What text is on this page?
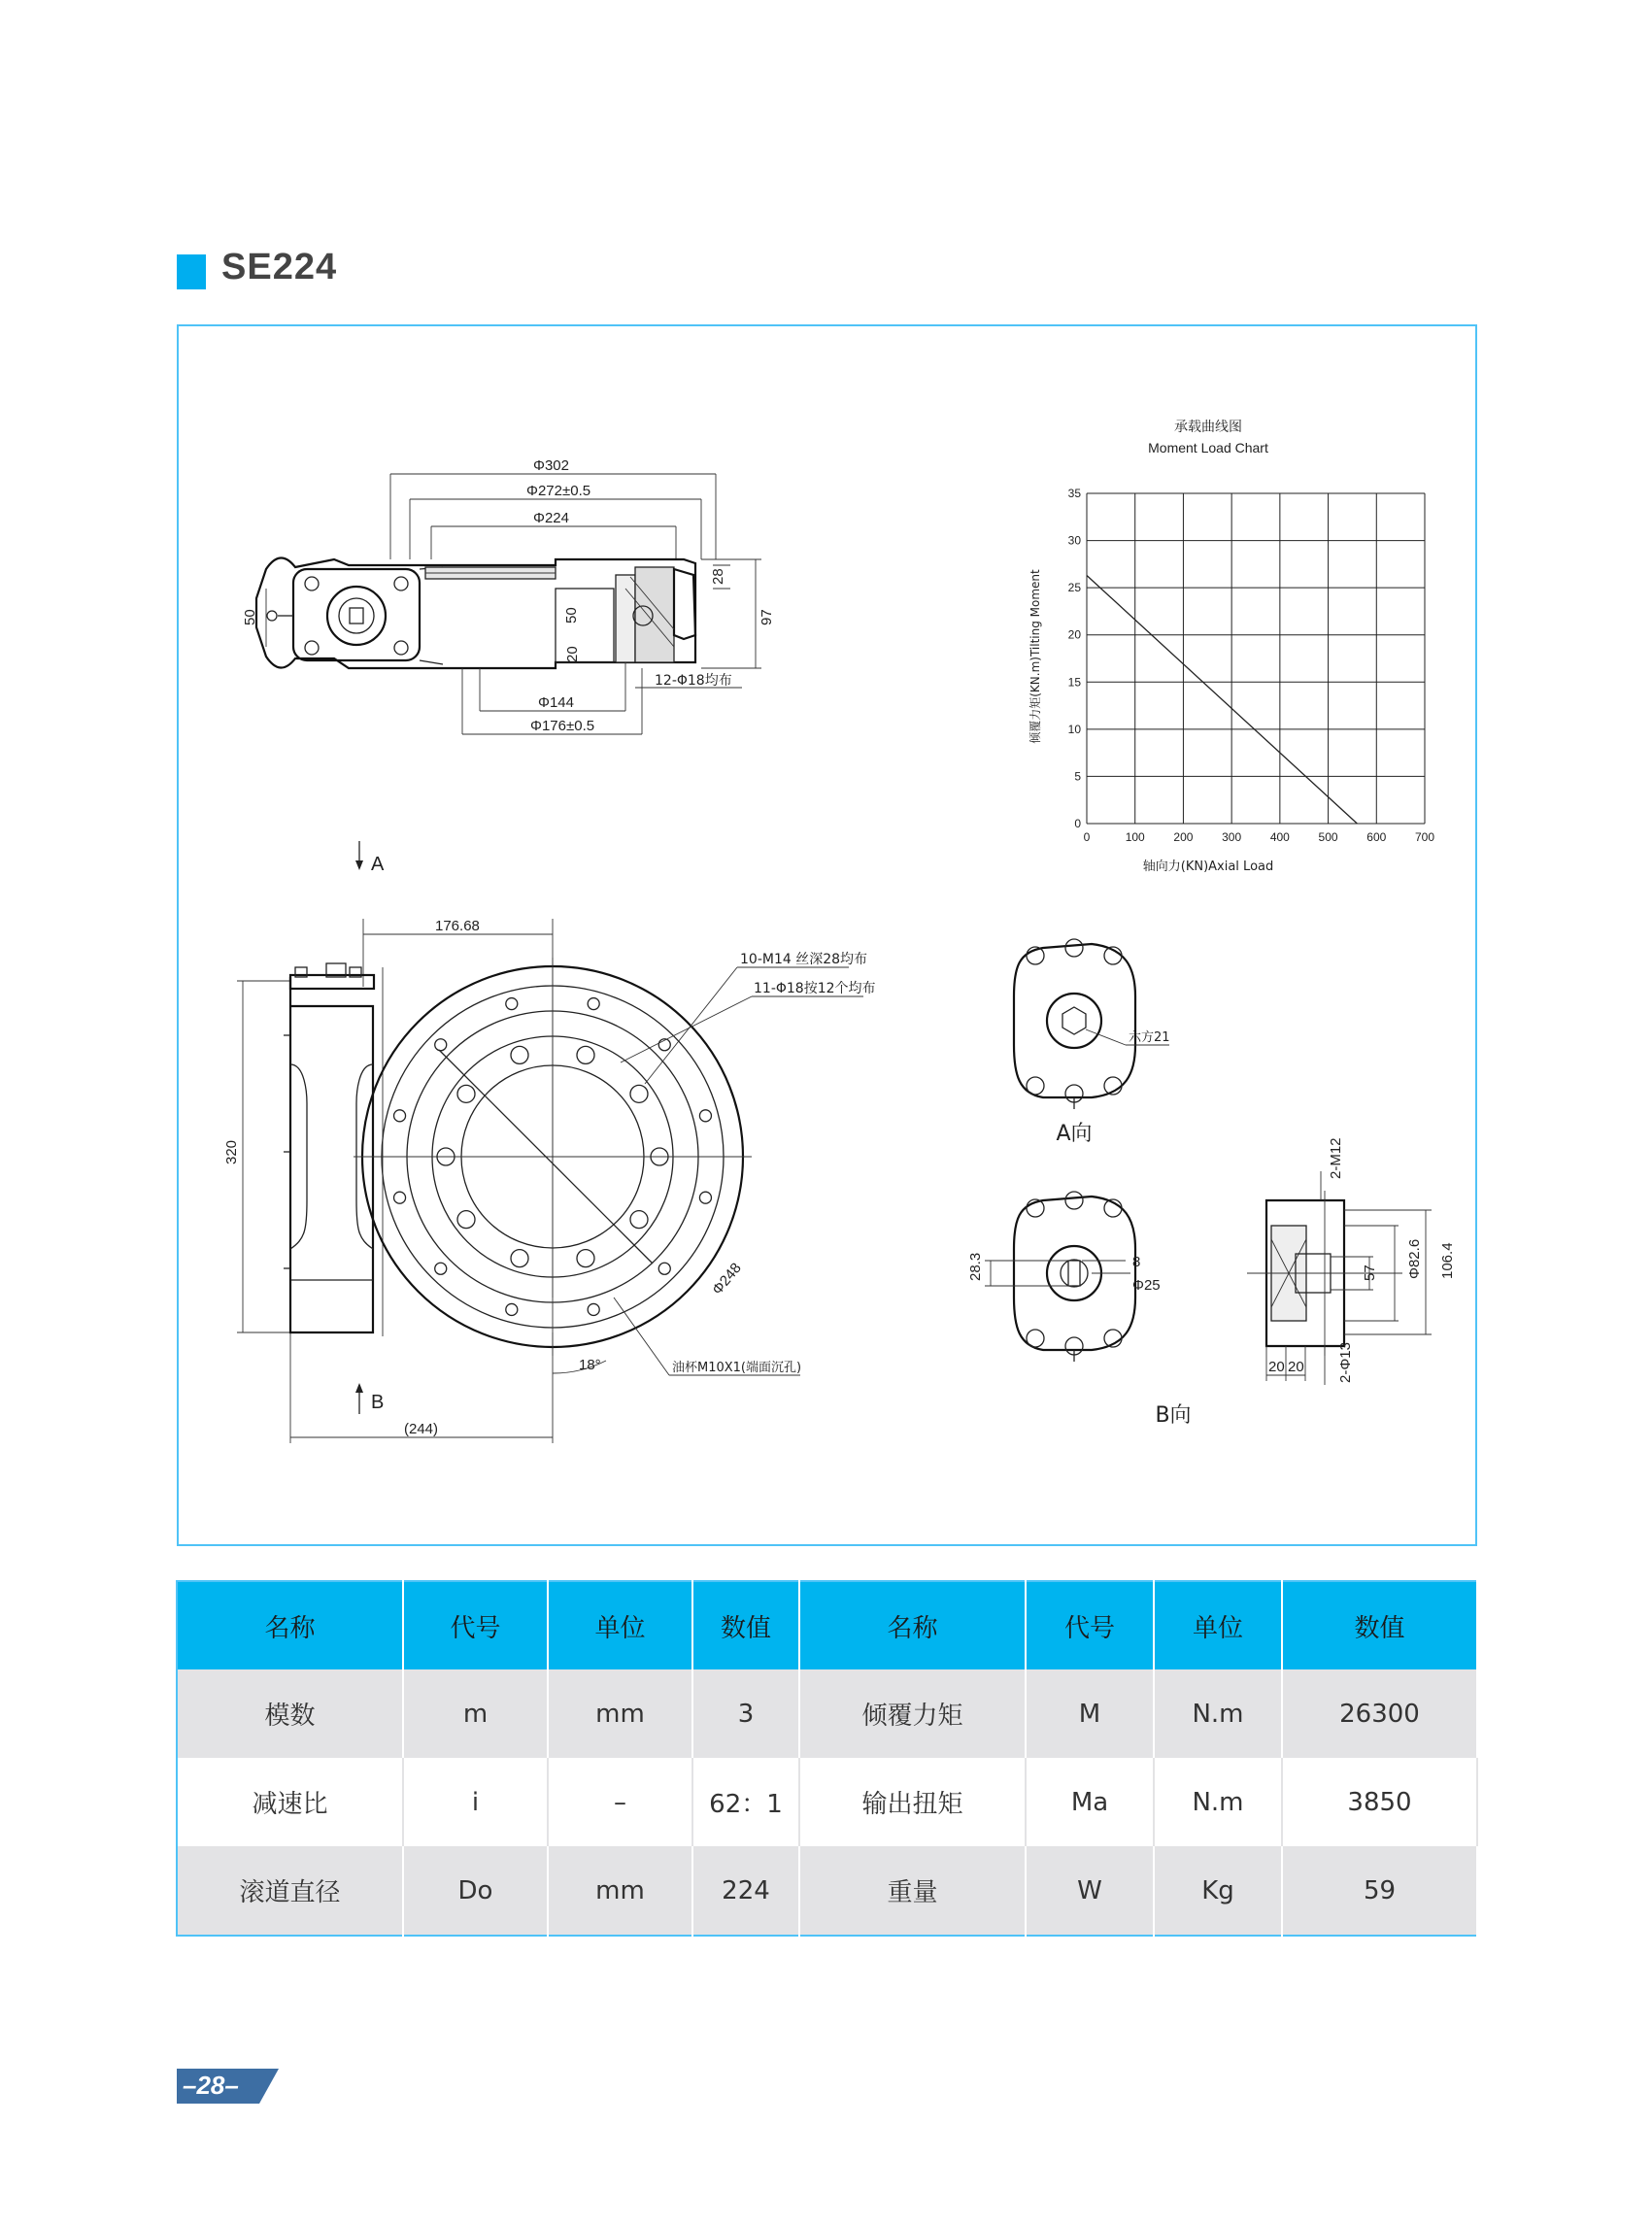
SE224
Φ302
Φ272±0.5
Φ224
28
97
50	50
20
Φ176±0.5
Φ144
12-Φ18均布
承载曲线图
Moment Load Chart
0	100 200 300 400 500 600 700
0
5
10
15
20
25
30
35
轴向力(KN)Axial Load
倾覆力矩(KN.m)Tilting Moment
A
B
176.68
320
(244)
10-M14 丝深28均布
11-Φ18按12个均布
Φ248
油杯M10X1(端面沉孔)
18°
六方21
A向
8
Φ25
28.3
B向
106.4
Φ82.6
57
2-M12
20 20 2-Φ13
名称	代号	单位	数值	名称	代号	单位	数值
模数	m	mm	3	倾覆力矩	M	N.m	26300
减速比	i	–	62：1	输出扭矩	Ma	N.m	3850
滚道直径	Do	mm	224	重量	W	Kg	59
–28–
